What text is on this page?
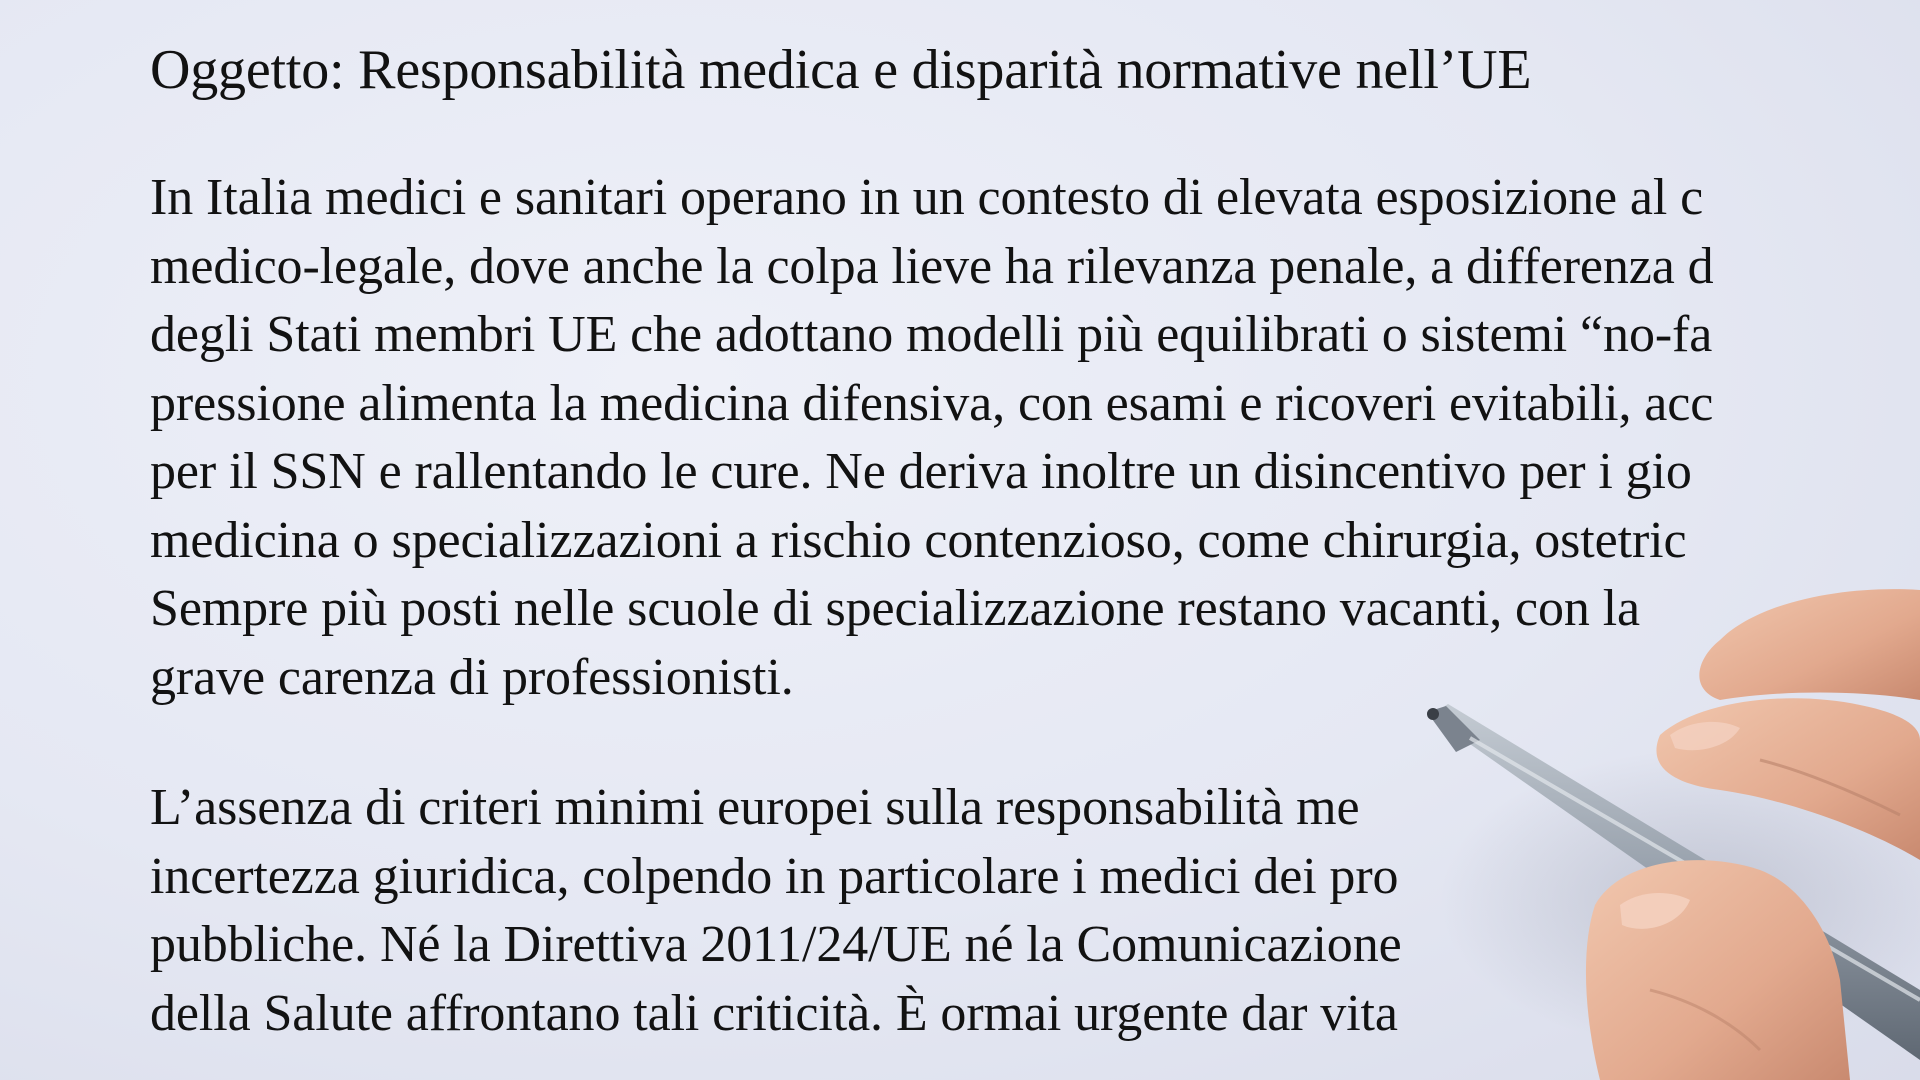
Oggetto: Responsabilità medica e disparità normative nell’UE
In Italia medici e sanitari operano in un contesto di elevata esposizione al c
medico-legale, dove anche la colpa lieve ha rilevanza penale, a differenza d
degli Stati membri UE che adottano modelli più equilibrati o sistemi “no-fa
pressione alimenta la medicina difensiva, con esami e ricoveri evitabili, acc
per il SSN e rallentando le cure. Ne deriva inoltre un disincentivo per i gio
medicina o specializzazioni a rischio contenzioso, come chirurgia, ostetric
Sempre più posti nelle scuole di specializzazione restano vacanti, con la
grave carenza di professionisti.
L’assenza di criteri minimi europei sulla responsabilità me
incertezza giuridica, colpendo in particolare i medici dei pro
pubbliche. Né la Direttiva 2011/24/UE né la Comunicazione
della Salute affrontano tali criticità. È ormai urgente dar vita
